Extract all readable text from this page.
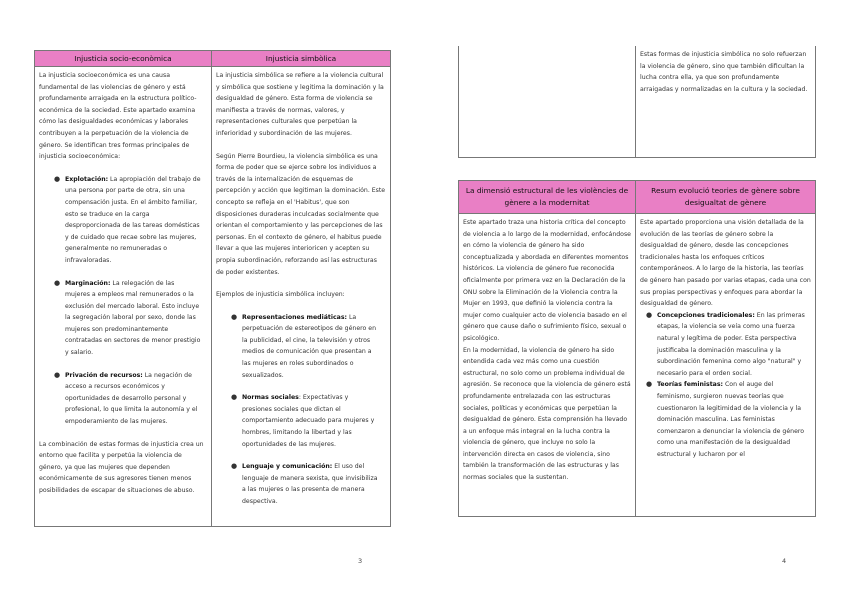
Injusticia socio-econòmica

La injusticia socioeconómica es una causa fundamental de las violencias de género y está profundamente arraigada en la estructura político-económica de la sociedad. Este apartado examina cómo las desigualdades económicas y laborales contribuyen a la perpetuación de la violencia de género. Se identifican tres formas principales de injusticia socioeconómica:

● Explotación: La apropiación del trabajo de una persona por parte de otra, sin una compensación justa. En el ámbito familiar, esto se traduce en la carga desproporcionada de las tareas domésticas y de cuidado que recae sobre las mujeres, generalmente no remuneradas o infravaloradas.
● Marginación: La relegación de las mujeres a empleos mal remunerados o la exclusión del mercado laboral. Esto incluye la segregación laboral por sexo, donde las mujeres son predominantemente contratadas en sectores de menor prestigio y salario.
● Privación de recursos: La negación de acceso a recursos económicos y oportunidades de desarrollo personal y profesional, lo que limita la autonomía y el empoderamiento de las mujeres.

La combinación de estas formas de injusticia crea un entorno que facilita y perpetúa la violencia de género, ya que las mujeres que dependen económicamente de sus agresores tienen menos posibilidades de escapar de situaciones de abuso.

Injusticia simbòlica

La injusticia simbólica se refiere a la violencia cultural y simbólica que sostiene y legitima la dominación y la desigualdad de género. Esta forma de violencia se manifiesta a través de normas, valores, y representaciones culturales que perpetúan la inferioridad y subordinación de las mujeres.

Según Pierre Bourdieu, la violencia simbólica es una forma de poder que se ejerce sobre los individuos a través de la internalización de esquemas de percepción y acción que legitiman la dominación. Este concepto se refleja en el 'Habitus', que son disposiciones duraderas inculcadas socialmente que orientan el comportamiento y las percepciones de las personas. En el contexto de género, el habitus puede llevar a que las mujeres interioricen y acepten su propia subordinación, reforzando así las estructuras de poder existentes.

Ejemplos de injusticia simbólica incluyen:

● Representaciones mediáticas: La perpetuación de estereotipos de género en la publicidad, el cine, la televisión y otros medios de comunicación que presentan a las mujeres en roles subordinados o sexualizados.
● Normas sociales: Expectativas y presiones sociales que dictan el comportamiento adecuado para mujeres y hombres, limitando la libertad y las oportunidades de las mujeres.
● Lenguaje y comunicación: El uso del lenguaje de manera sexista, que invisibiliza a las mujeres o las presenta de manera despectiva.
3

Estas formas de injusticia simbólica no solo refuerzan la violencia de género, sino que también dificultan la lucha contra ella, ya que son profundamente arraigadas y normalizadas en la cultura y la sociedad.

La dimensió estructural de les violències de gènere a la modernitat

Este apartado traza una historia crítica del concepto de violencia a lo largo de la modernidad, enfocándose en cómo la violencia de género ha sido conceptualizada y abordada en diferentes momentos históricos. La violencia de género fue reconocida oficialmente por primera vez en la Declaración de la ONU sobre la Eliminación de la Violencia contra la Mujer en 1993, que definió la violencia contra la mujer como cualquier acto de violencia basado en el género que cause daño o sufrimiento físico, sexual o psicológico.

En la modernidad, la violencia de género ha sido entendida cada vez más como una cuestión estructural, no solo como un problema individual de agresión. Se reconoce que la violencia de género está profundamente entrelazada con las estructuras sociales, políticas y económicas que perpetúan la desigualdad de género. Esta comprensión ha llevado a un enfoque más integral en la lucha contra la violencia de género, que incluye no solo la intervención directa en casos de violencia, sino también la transformación de las estructuras y las normas sociales que la sustentan.

Resum evolució teories de gènere sobre desigualtat de gènere

Este apartado proporciona una visión detallada de la evolución de las teorías de género sobre la desigualdad de género, desde las concepciones tradicionales hasta los enfoques críticos contemporáneos. A lo largo de la historia, las teorías de género han pasado por varias etapas, cada una con sus propias perspectivas y enfoques para abordar la desigualdad de género.

● Concepciones tradicionales: En las primeras etapas, la violencia se veía como una fuerza natural y legítima de poder. Esta perspectiva justificaba la dominación masculina y la subordinación femenina como algo "natural" y necesario para el orden social.
● Teorías feministas: Con el auge del feminismo, surgieron nuevas teorías que cuestionaron la legitimidad de la violencia y la dominación masculina. Las feministas comenzaron a denunciar la violencia de género como una manifestación de la desigualdad estructural y lucharon por el
4
